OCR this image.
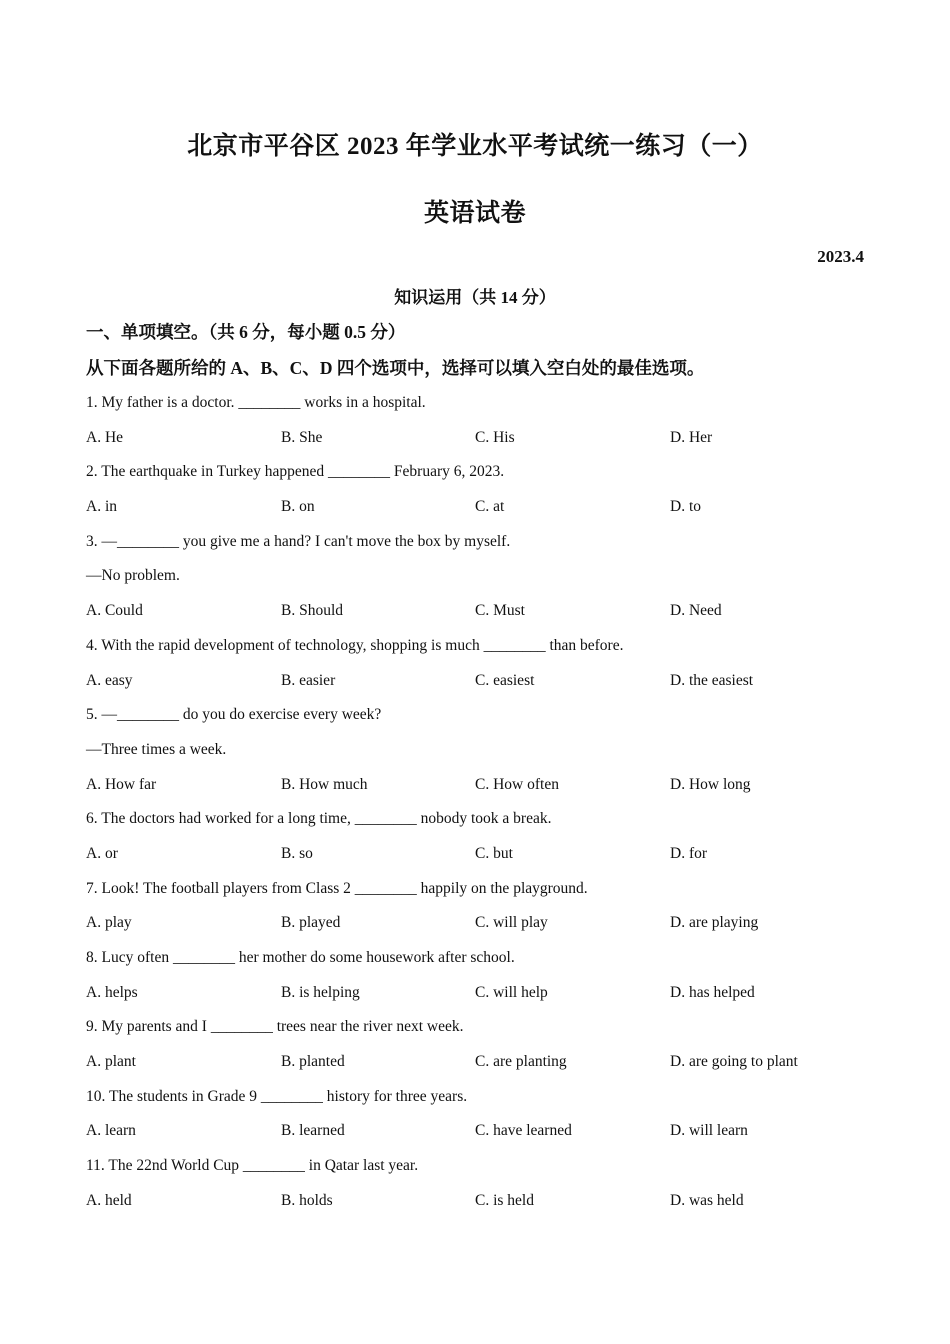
北京市平谷区 2023 年学业水平考试统一练习（一）
英语试卷
2023.4
知识运用（共 14 分）
一、单项填空。（共 6 分，每小题 0.5 分）
从下面各题所给的 A、B、C、D 四个选项中，选择可以填入空白处的最佳选项。
1. My father is a doctor. ________ works in a hospital.
A. He	B. She	C. His	D. Her
2. The earthquake in Turkey happened ________ February 6, 2023.
A. in	B. on	C. at	D. to
3. —________ you give me a hand? I can't move the box by myself.
—No problem.
A. Could	B. Should	C. Must	D. Need
4. With the rapid development of technology, shopping is much ________ than before.
A. easy	B. easier	C. easiest	D. the easiest
5. —________ do you do exercise every week?
—Three times a week.
A. How far	B. How much	C. How often	D. How long
6. The doctors had worked for a long time, ________ nobody took a break.
A. or	B. so	C. but	D. for
7. Look! The football players from Class 2 ________ happily on the playground.
A. play	B. played	C. will play	D. are playing
8. Lucy often ________ her mother do some housework after school.
A. helps	B. is helping	C. will help	D. has helped
9. My parents and I ________ trees near the river next week.
A. plant	B. planted	C. are planting	D. are going to plant
10. The students in Grade 9 ________ history for three years.
A. learn	B. learned	C. have learned	D. will learn
11. The 22nd World Cup ________ in Qatar last year.
A. held	B. holds	C. is held	D. was held
